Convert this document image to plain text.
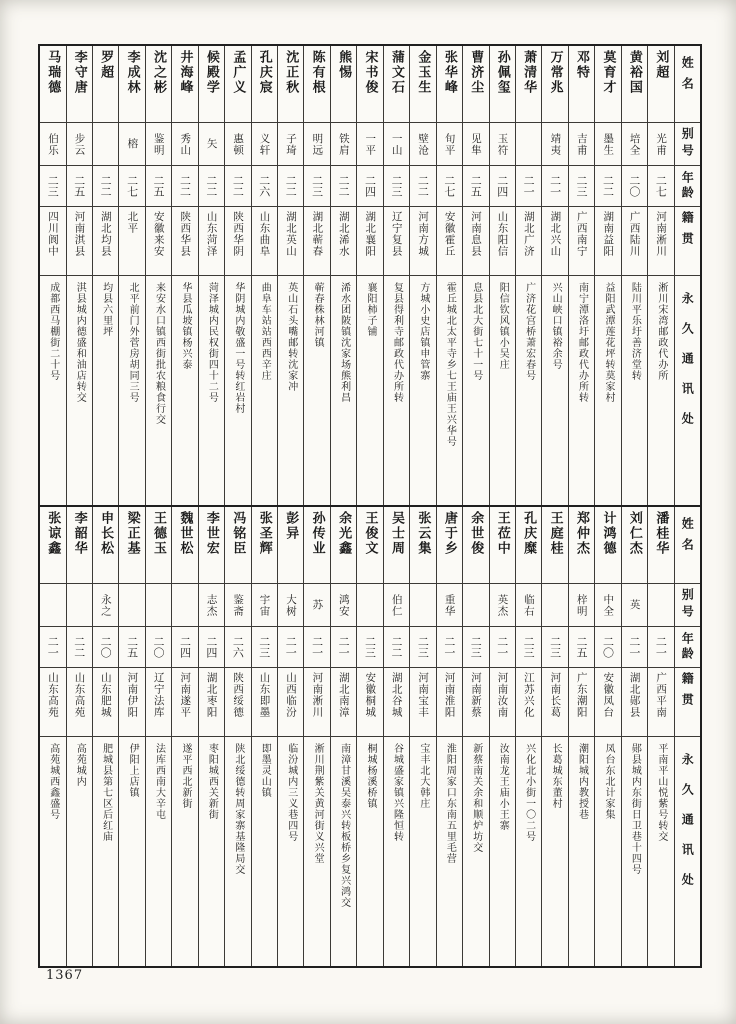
姓名
别号
年龄
籍贯
永久通讯处
刘超
光甫
二七
河南淅川
淅川宋湾邮政代办所
黄裕国
培全
二〇
广西陆川
陆川平乐圩善济堂转
莫育才
墨生
二二
湖南益阳
益阳武潭莲花坪转莫家村
邓特
吉甫
二三
广西南宁
南宁潭洛圩邮政代办所转
万常兆
靖夷
二一
湖北兴山
兴山峡口镇裕余号
萧清华
二一
湖北广济
广济花宫桥萧宏春号
孙佩玺
玉符
二四
山东阳信
阳信钦风镇小吴庄
曹济尘
见隼
二五
河南息县
息县北大街七十一号
张华峰
旬平
二七
安徽霍丘
霍丘城北太平寺乡七王庙王兴华号
金玉生
壁沧
二二
河南方城
方城小史店镇申管寨
蒲文石
一山
二三
辽宁复县
复县得利寺邮政代办所转
宋书俊
一平
二四
湖北襄阳
襄阳柿子铺
熊惕
铁肩
二二
湖北浠水
浠水团陂镇沈家场熊利昌
陈有根
明远
二三
湖北蕲春
蕲春株林河镇
沈正秋
子琦
二二
湖北英山
英山石头嘴邮转沈家冲
孔庆宸
义轩
二六
山东曲阜
曲阜车站站西西辛庄
孟广义
惠顿
二二
陕西华阴
华阴城内敬盛一号转红岩村
候殿学
矢
二二
山东菏泽
菏泽城内民权街四十二号
井海峰
秀山
二二
陕西华县
华县瓜坡镇杨兴泰
沈之彬
鉴明
二五
安徽来安
来安水口镇西街批农粮食行交
李成林
榕
二七
北平
北平前门外菅房胡同三号
罗超
二二
湖北均县
均县六里坪
李守唐
步云
二五
河南淇县
淇县城内德盛和油店转交
马瑞德
伯乐
二三
四川阆中
成都西马棚街二十号
姓名
别号
年龄
籍贯
永久通讯处
潘桂华
二一
广西平南
平南平山悦紫号转交
刘仁杰
英
二一
湖北郧县
郧县城内东街日卫巷十四号
计鸿德
中全
二〇
安徽凤台
凤台东北计家集
郑仲杰
梓明
二五
广东潮阳
潮阳城内教授巷
王庭桂
二三
河南长葛
长葛城东董村
孔庆糜
临右
二三
江苏兴化
兴化北小街一〇二号
王莅中
英杰
二一
河南汝南
汝南龙王庙小王寨
余世俊
二三
河南新蔡
新蔡南关余和顺炉坊交
唐于乡
重华
二一
河南淮阳
淮阳周家口东南五里毛营
张云集
二三
河南宝丰
宝丰北大韩庄
吴士周
伯仁
二二
湖北谷城
谷城盛家镇兴隆恒转
王俊文
二三
安徽桐城
桐城杨溪桥镇
余光鑫
鸿安
二一
湖北南漳
南漳甘溪吴泰兴转板桥乡复兴鸿交
孙传业
苏
二一
河南淅川
淅川荆紫关黄河街义兴堂
彭异
大树
二一
山西临汾
临汾城内三义巷四号
张圣辉
宇宙
二三
山东即墨
即墨灵山镇
冯铭臣
鉴斋
二六
陕西绥德
陕北绥德转周家寨基隆局交
李世宏
志杰
二四
湖北枣阳
枣阳城西关新街
魏世松
二四
河南遂平
遂平西北新街
王德玉
二〇
辽宁法库
法库西南大辛屯
梁正基
二五
河南伊阳
伊阳上店镇
申长松
永之
二〇
山东肥城
肥城县第七区后红庙
李韶华
二二
山东高苑
高苑城内
张谅鑫
二一
山东高苑
高苑城西鑫盛号
1367
